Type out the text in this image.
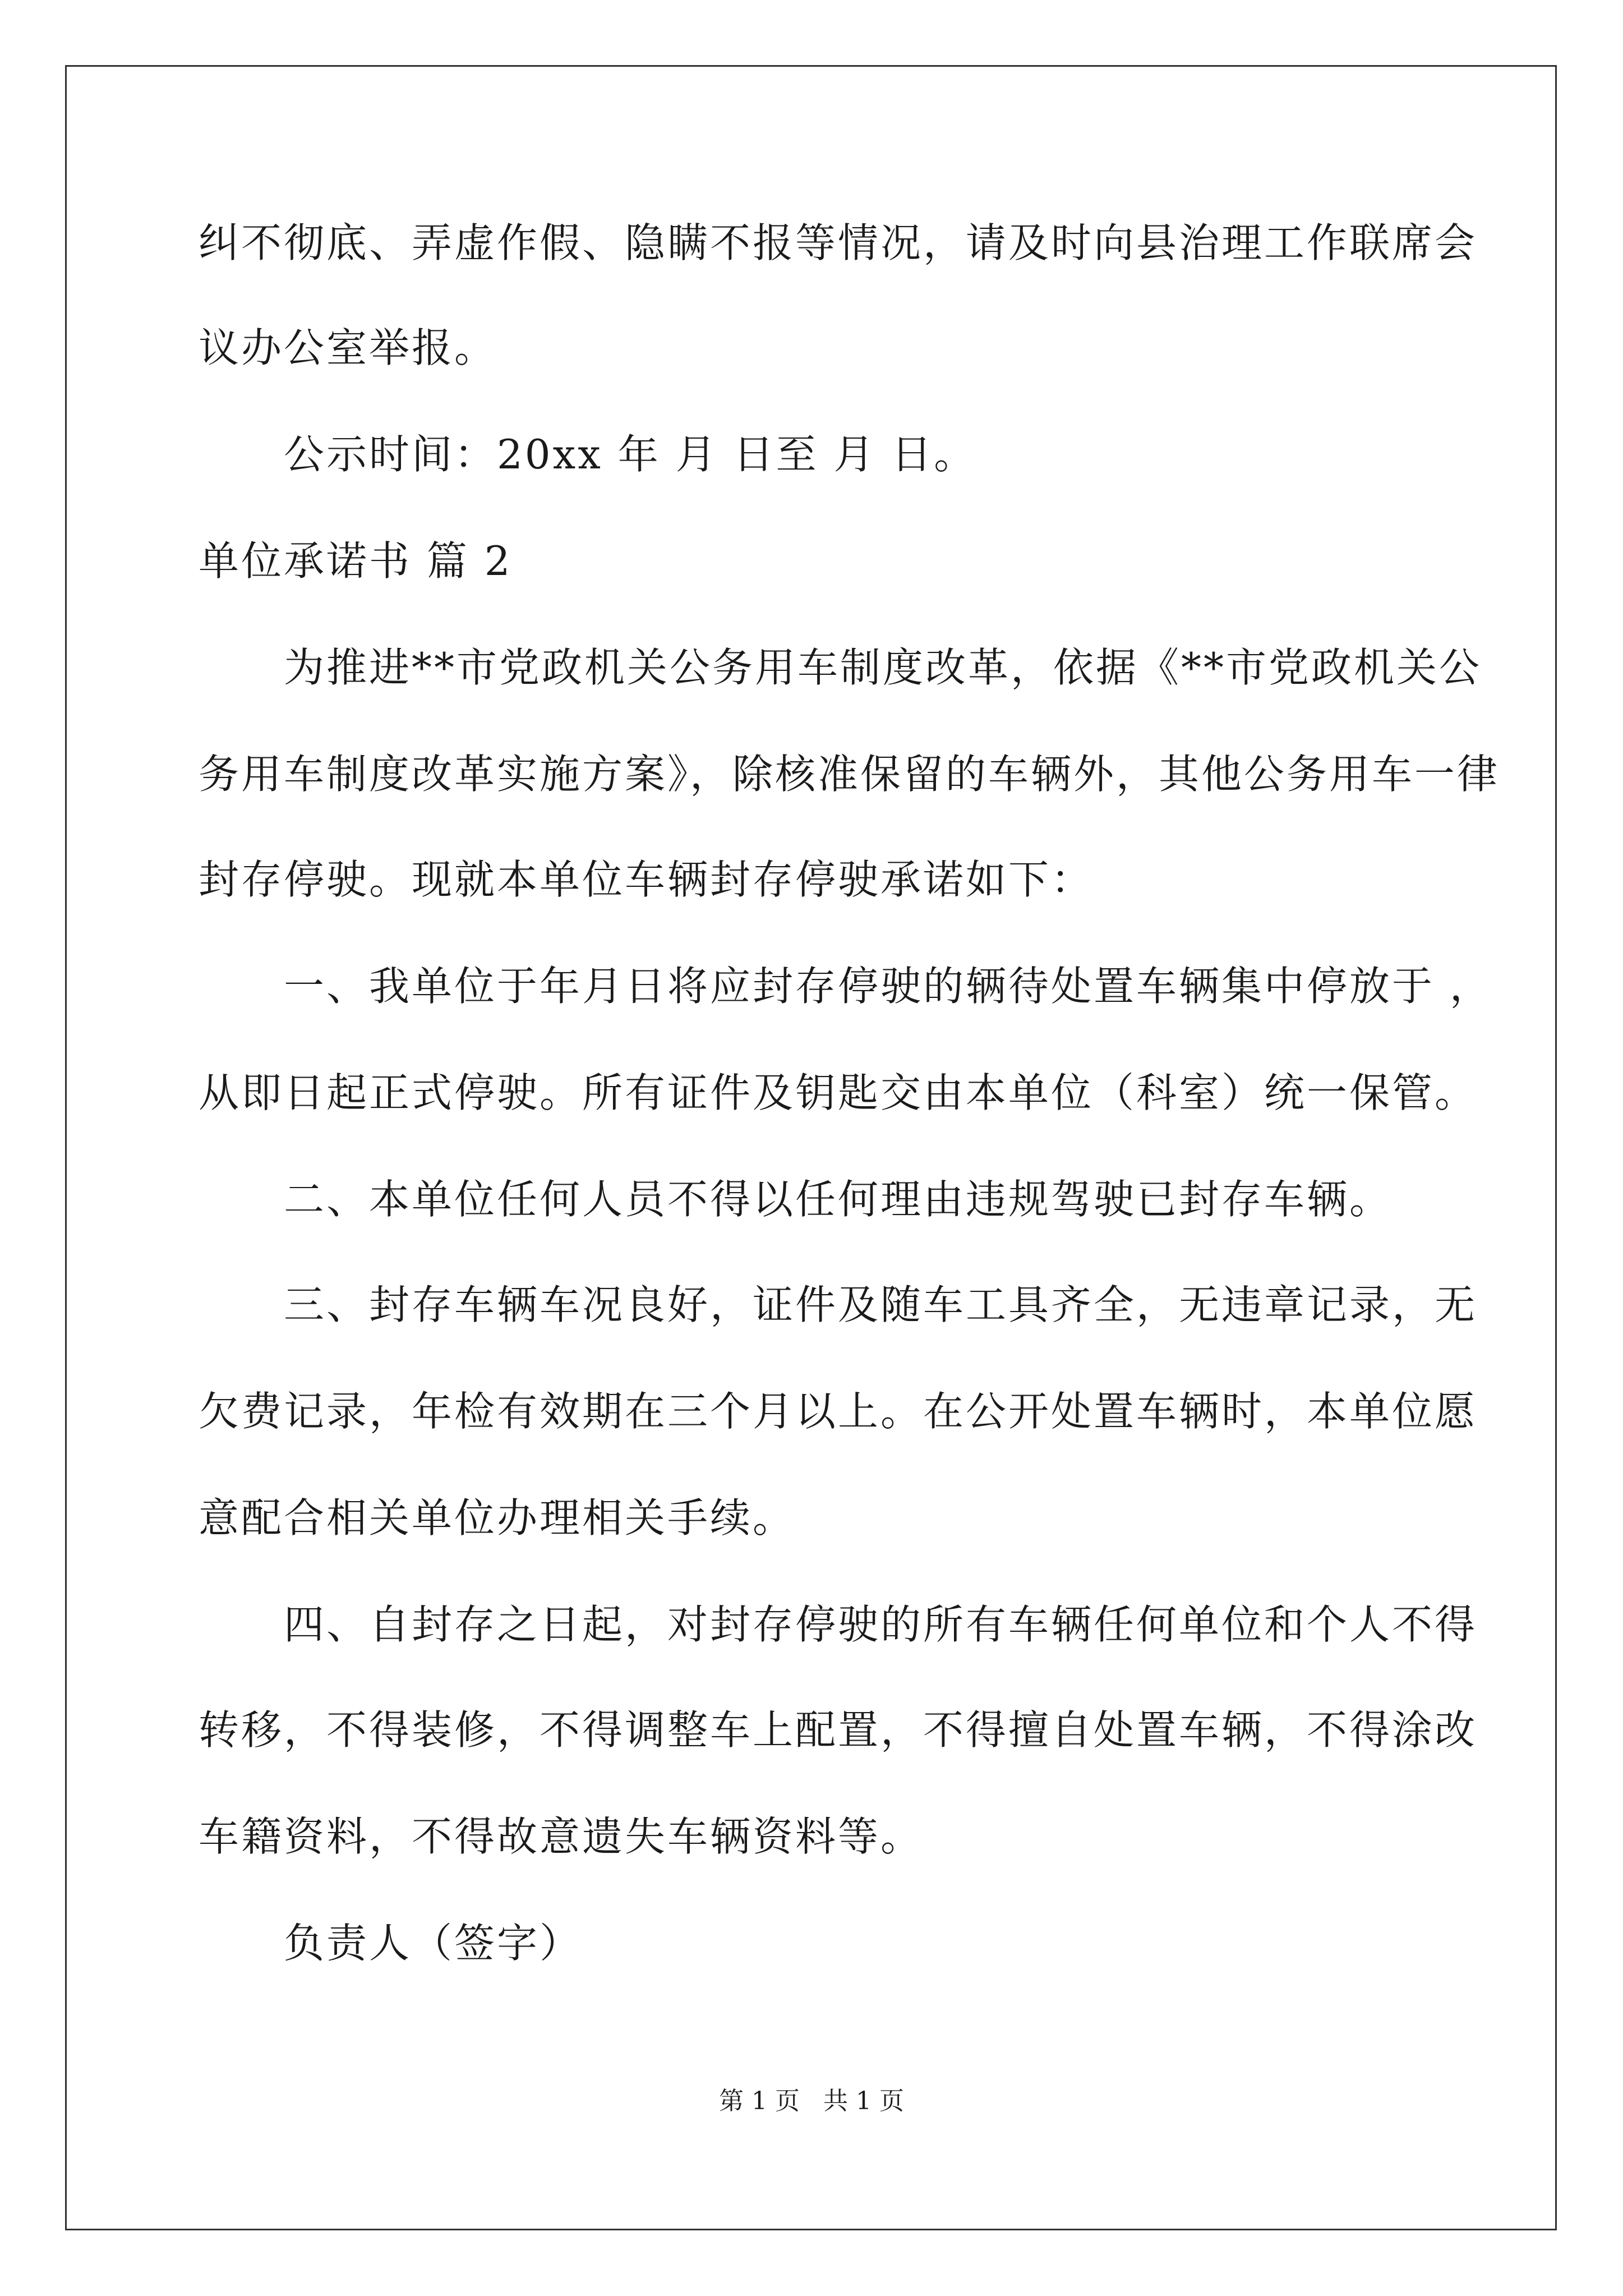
纠不彻底、弄虚作假、隐瞒不报等情况，请及时向县治理工作联席会
议办公室举报。
　　公示时间：20xx 年 月 日至 月 日。
单位承诺书 篇 2
　　为推进**市党政机关公务用车制度改革，依据《**市党政机关公
务用车制度改革实施方案》，除核准保留的车辆外，其他公务用车一律
封存停驶。现就本单位车辆封存停驶承诺如下：
　　一、我单位于年月日将应封存停驶的辆待处置车辆集中停放于 ，
从即日起正式停驶。所有证件及钥匙交由本单位（科室）统一保管。
　　二、本单位任何人员不得以任何理由违规驾驶已封存车辆。
　　三、封存车辆车况良好，证件及随车工具齐全，无违章记录，无
欠费记录，年检有效期在三个月以上。在公开处置车辆时，本单位愿
意配合相关单位办理相关手续。
　　四、自封存之日起，对封存停驶的所有车辆任何单位和个人不得
转移，不得装修，不得调整车上配置，不得擅自处置车辆，不得涂改
车籍资料，不得故意遗失车辆资料等。
　　负责人（签字）
第 1 页 共 1 页
